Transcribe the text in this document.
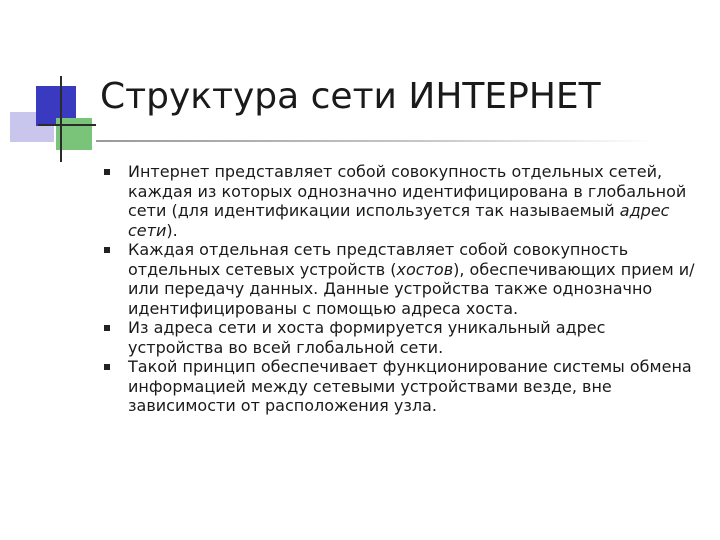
Структура сети ИНТЕРНЕТ
Интернет представляет собой совокупность отдельных сетей, каждая из которых однозначно идентифицирована в глобальной сети (для идентификации используется так называемый адрес сети).
Каждая отдельная сеть представляет собой совокупность отдельных сетевых устройств (хостов), обеспечивающих прием и/или передачу данных. Данные устройства также однозначно идентифицированы с помощью адреса хоста.
Из адреса сети и хоста формируется уникальный адрес устройства во всей глобальной сети.
Такой принцип обеспечивает функционирование системы обмена информацией между сетевыми устройствами везде, вне зависимости от расположения узла.
